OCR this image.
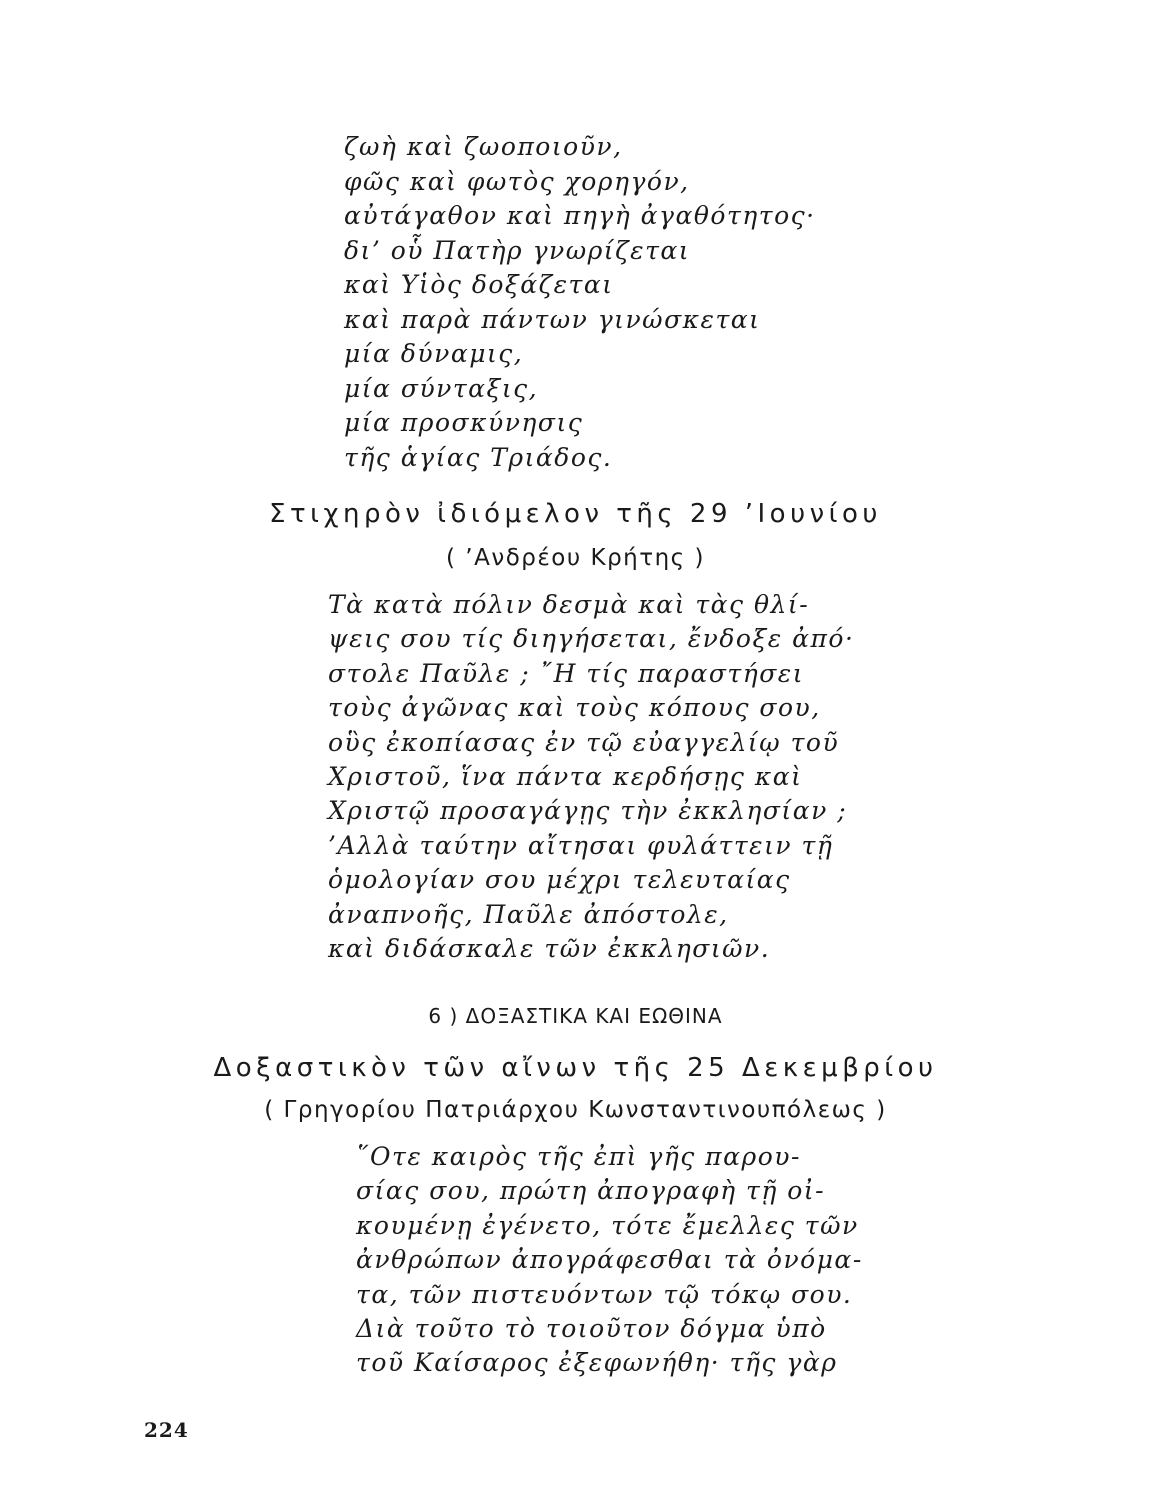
ζωὴ καὶ ζωοποιοῦν,
φῶς καὶ φωτὸς χορηγόν,
αὐτάγαθον καὶ πηγὴ ἀγαθότητος·
δι’ οὗ Πατὴρ γνωρίζεται
καὶ Υἱὸς δοξάζεται
καὶ παρὰ πάντων γινώσκεται
μία δύναμις,
μία σύνταξις,
μία προσκύνησις
τῆς ἁγίας Τριάδος.
Στιχηρὸν ἰδιόμελον τῆς 29 ’Ιουνίου
( ’Ανδρέου Κρήτης )
Τὰ κατὰ πόλιν δεσμὰ καὶ τὰς θλί-
ψεις σου τίς διηγήσεται, ἔνδοξε ἀπό·
στολε Παῦλε ; ῎Η τίς παραστήσει
τοὺς ἀγῶνας καὶ τοὺς κόπους σου,
οὓς ἐκοπίασας ἐν τῷ εὐαγγελίῳ τοῦ
Χριστοῦ, ἵνα πάντα κερδήσῃς καὶ
Χριστῷ προσαγάγῃς τὴν ἐκκλησίαν ;
’Αλλὰ ταύτην αἴτησαι φυλάττειν τῇ
ὁμολογίαν σου μέχρι τελευταίας
ἀναπνοῆς, Παῦλε ἀπόστολε,
καὶ διδάσκαλε τῶν ἐκκλησιῶν.
6 ) ΔΟΞΑΣΤΙΚΑ ΚΑΙ ΕΩΘΙΝΑ
Δοξαστικὸν τῶν αἴνων τῆς 25 Δεκεμβρίου
( Γρηγορίου Πατριάρχου Κωνσταντινουπόλεως )
῞Οτε καιρὸς τῆς ἐπὶ γῆς παρου-
σίας σου, πρώτη ἀπογραφὴ τῇ οἰ-
κουμένῃ ἐγένετο, τότε ἔμελλες τῶν
ἀνθρώπων ἀπογράφεσθαι τὰ ὀνόμα-
τα, τῶν πιστευόντων τῷ τόκῳ σου.
Διὰ τοῦτο τὸ τοιοῦτον δόγμα ὑπὸ
τοῦ Καίσαρος ἐξεφωνήθη· τῆς γὰρ
224
